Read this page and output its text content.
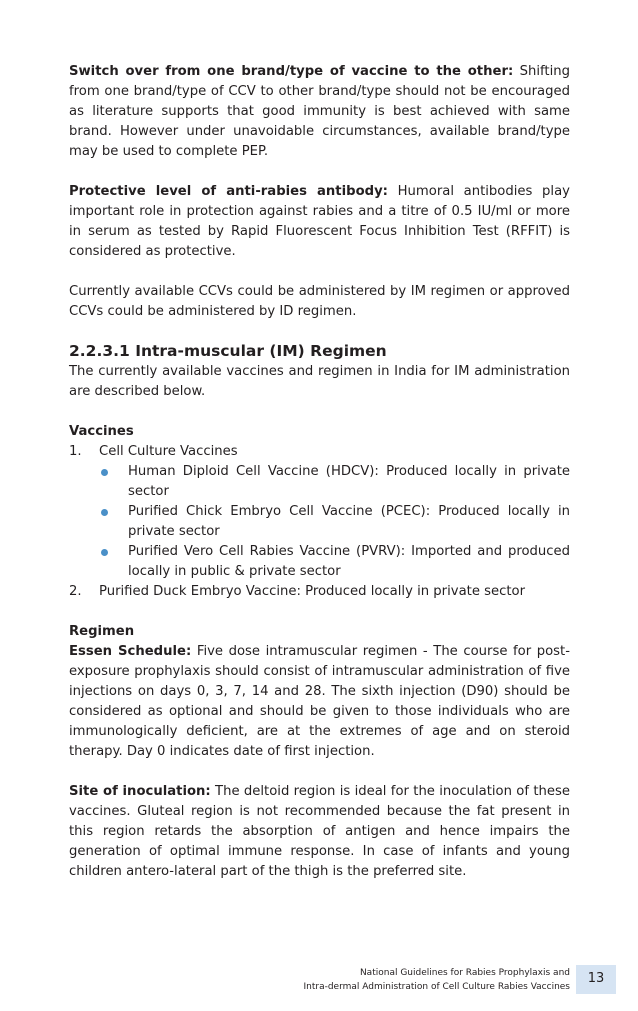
Switch over from one brand/type of vaccine to the other: Shifting from one brand/type of CCV to other brand/type should not be encouraged as literature supports that good immunity is best achieved with same brand. However under unavoidable circumstances, available brand/type may be used to complete PEP.

Protective level of anti-rabies antibody: Humoral antibodies play important role in protection against rabies and a titre of 0.5 IU/ml or more in serum as tested by Rapid Fluorescent Focus Inhibition Test (RFFIT) is considered as protective.

Currently available CCVs could be administered by IM regimen or approved CCVs could be administered by ID regimen.

2.2.3.1 Intra-muscular (IM) Regimen

The currently available vaccines and regimen in India for IM administration are described below.

Vaccines
1.	Cell Culture Vaccines
Human Diploid Cell Vaccine (HDCV): Produced locally in private sector
Purified Chick Embryo Cell Vaccine (PCEC): Produced locally in private sector
Purified Vero Cell Rabies Vaccine (PVRV): Imported and produced locally in public & private sector
2.	Purified Duck Embryo Vaccine: Produced locally in private sector
Regimen

Essen Schedule: Five dose intramuscular regimen - The course for post-exposure prophylaxis should consist of intramuscular administration of five injections on days 0, 3, 7, 14 and 28. The sixth injection (D90) should be considered as optional and should be given to those individuals who are immunologically deficient, are at the extremes of age and on steroid therapy. Day 0 indicates date of first injection.

Site of inoculation: The deltoid region is ideal for the inoculation of these vaccines. Gluteal region is not recommended because the fat present in this region retards the absorption of antigen and hence impairs the generation of optimal immune response. In case of infants and young children antero-lateral part of the thigh is the preferred site.

National Guidelines for Rabies Prophylaxis and
Intra-dermal Administration of Cell Culture Rabies Vaccines
13
